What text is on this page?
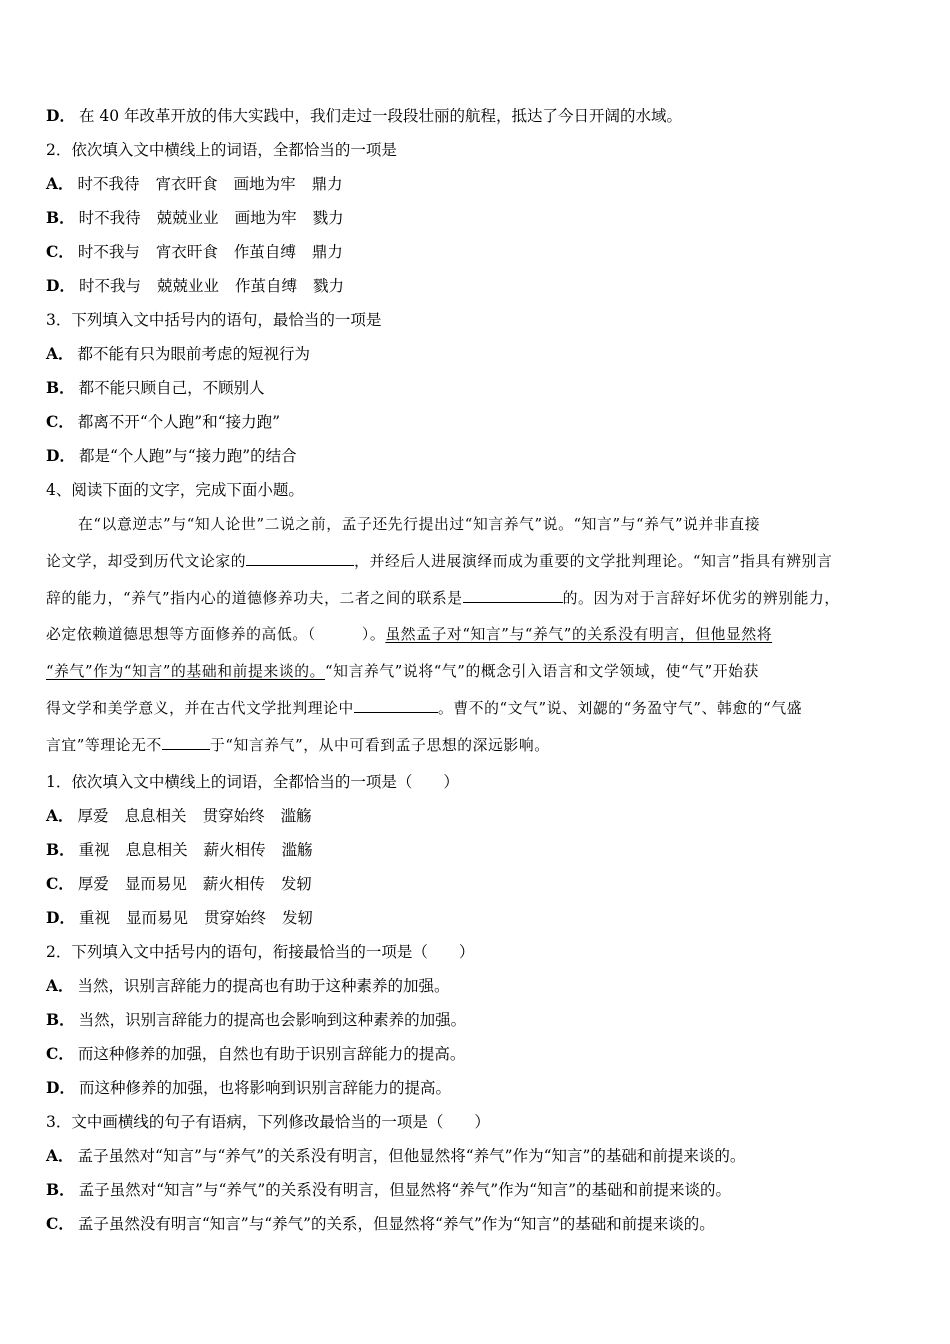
D． 在 40 年改革开放的伟大实践中，我们走过一段段壮丽的航程，抵达了今日开阔的水域。
2．依次填入文中横线上的词语，全都恰当的一项是
A． 时不我待 宵衣旰食 画地为牢 鼎力
B． 时不我待 兢兢业业 画地为牢 戮力
C． 时不我与 宵衣旰食 作茧自缚 鼎力
D． 时不我与 兢兢业业 作茧自缚 戮力
3．下列填入文中括号内的语句，最恰当的一项是
A． 都不能有只为眼前考虑的短视行为
B． 都不能只顾自己，不顾别人
C． 都离不开“个人跑”和“接力跑”
D． 都是“个人跑”与“接力跑”的结合
4、阅读下面的文字，完成下面小题。
在“以意逆志”与“知人论世”二说之前，孟子还先行提出过“知言养气”说。“知言”与“养气”说并非直接
论文学，却受到历代文论家的	，并经后人进展演绎而成为重要的文学批判理论。“知言”指具有辨别言
辞的能力，“养气”指内心的道德修养功夫，二者之间的联系是	的。因为对于言辞好坏优劣的辨别能力，
必定依赖道德思想等方面修养的高低。（　　　）。虽然孟子对“知言”与“养气”的关系没有明言，但他显然将
“养气”作为“知言”的基础和前提来谈的。“知言养气”说将“气”的概念引入语言和文学领域，使“气”开始获
得文学和美学意义，并在古代文学批判理论中	。曹不的“文气”说、刘勰的“务盈守气”、韩愈的“气盛
言宜”等理论无不	于“知言养气”，从中可看到孟子思想的深远影响。
1．依次填入文中横线上的词语，全都恰当的一项是（　　）
A． 厚爱 息息相关 贯穿始终 滥觞
B． 重视 息息相关 薪火相传 滥觞
C． 厚爱 显而易见 薪火相传 发轫
D． 重视 显而易见 贯穿始终 发轫
2．下列填入文中括号内的语句，衔接最恰当的一项是（　　）
A． 当然，识别言辞能力的提高也有助于这种素养的加强。
B． 当然，识别言辞能力的提高也会影响到这种素养的加强。
C． 而这种修养的加强，自然也有助于识别言辞能力的提高。
D． 而这种修养的加强，也将影响到识别言辞能力的提高。
3．文中画横线的句子有语病，下列修改最恰当的一项是（　　）
A． 孟子虽然对“知言”与“养气”的关系没有明言，但他显然将“养气”作为“知言”的基础和前提来谈的。
B． 孟子虽然对“知言”与“养气”的关系没有明言，但显然将“养气”作为“知言”的基础和前提来谈的。
C． 孟子虽然没有明言“知言”与“养气”的关系，但显然将“养气”作为“知言”的基础和前提来谈的。
